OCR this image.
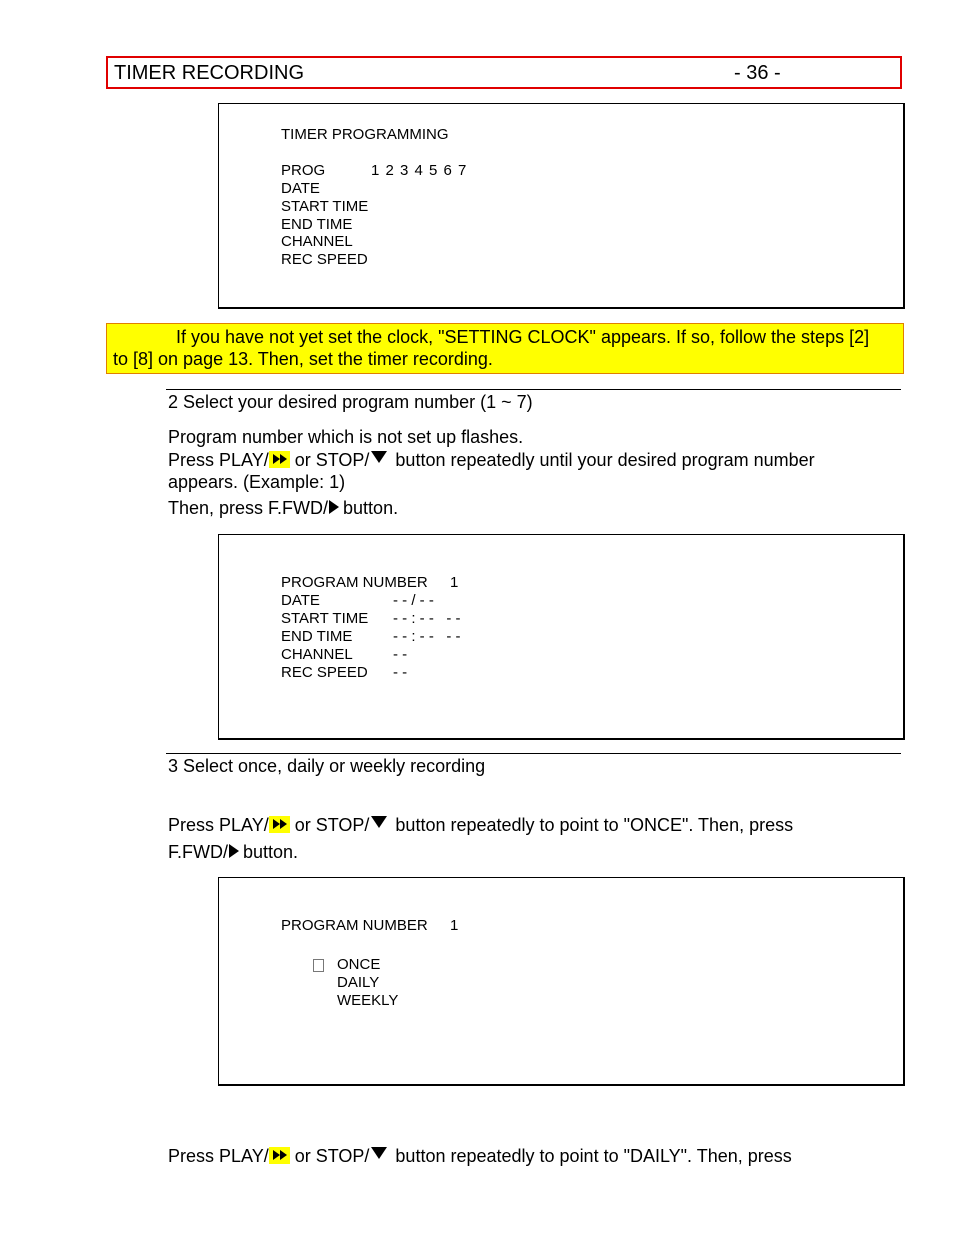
TIMER RECORDING	- 36 -
TIMER PROGRAMMING
PROG	1 2 3 4 5 6 7
DATE
START TIME
END TIME
CHANNEL
REC SPEED
If you have not yet set the clock, "SETTING CLOCK" appears. If so, follow the steps [2]
to [8] on page 13. Then, set the timer recording.
2 Select your desired program number (1 ~ 7)
Program number which is not set up flashes.
Press PLAY/ or STOP/ button repeatedly until your desired program number
appears. (Example: 1)
Then, press F.FWD/ button.
PROGRAM NUMBER 1
DATE	- - / - -
START TIME - - : - -   - -
END TIME	- - : - -   - -
CHANNEL	- -
REC SPEED - -
3 Select once, daily or weekly recording
Press PLAY/ or STOP/ button repeatedly to point to "ONCE". Then, press
F.FWD/ button.
PROGRAM NUMBER 1
ONCE
DAILY
WEEKLY
Press PLAY/ or STOP/ button repeatedly to point to "DAILY". Then, press
